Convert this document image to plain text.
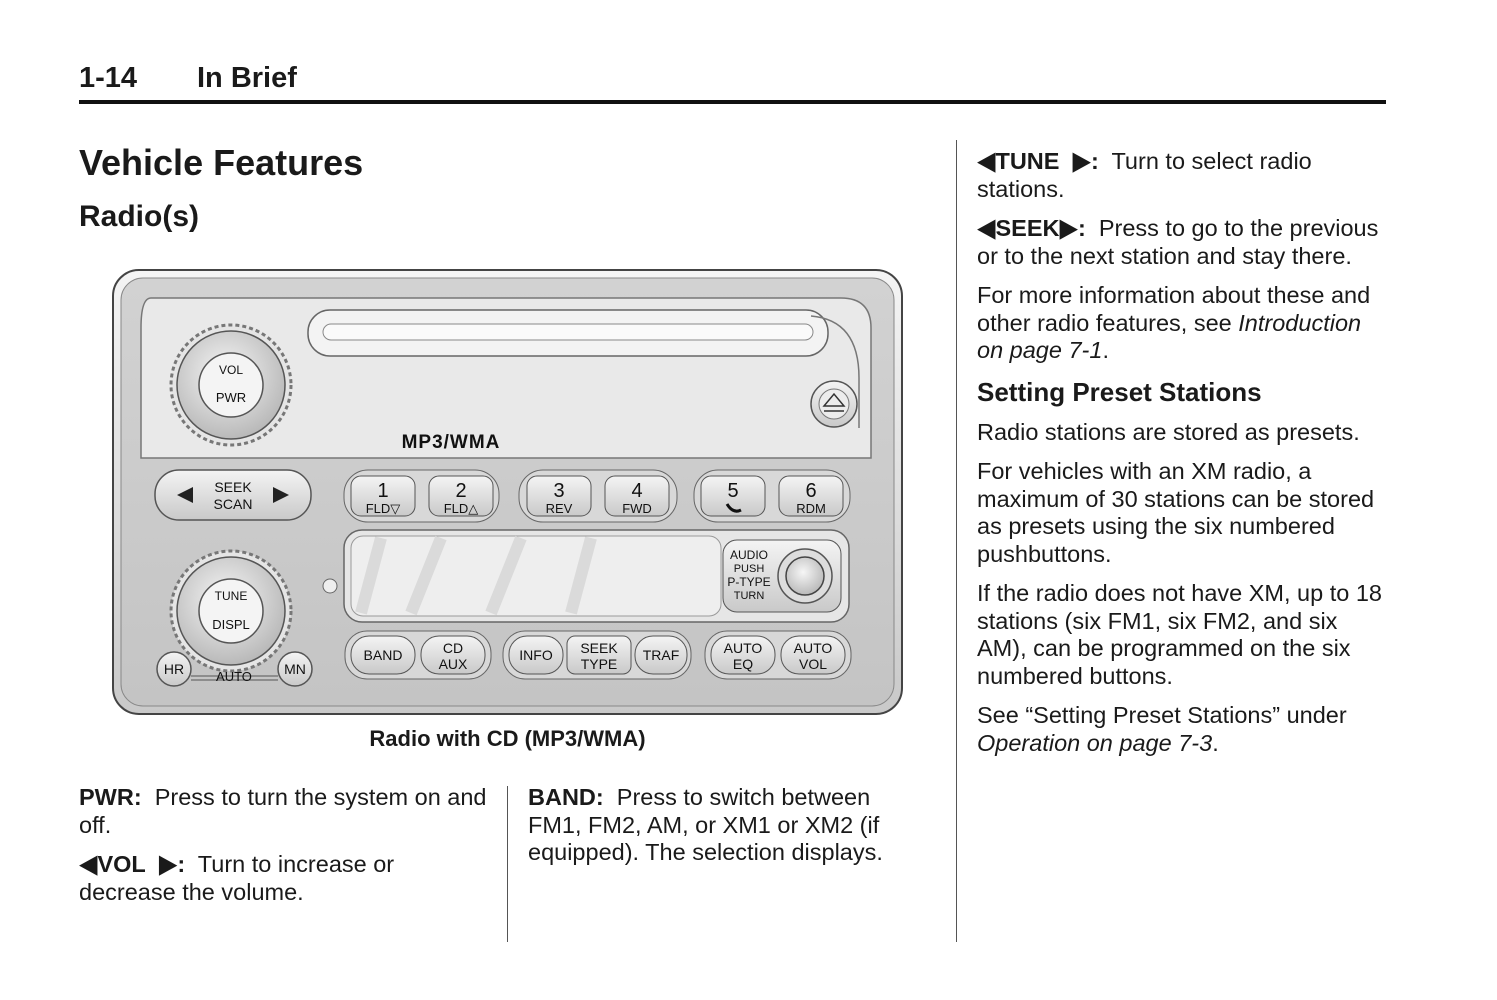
1-14 In Brief
Vehicle Features
Radio(s)
MP3/WMA
VOL
PWR
SEEK
SCAN
1
FLD▽
2
FLD△
3
REV
4
FWD
5	6
RDM
AUDIO
PUSH
P-TYPE
TURN
TUNE
DISPL
HR	MN
AUTO
BAND	CD
AUX
INFO SEEK
TYPE
TRAF	AUTO
EQ
AUTO
VOL
Radio with CD (MP3/WMA)

PWR: Press to turn the system on and off.

◀VOL ▶: Turn to increase or decrease the volume.

BAND: Press to switch between FM1, FM2, AM, or XM1 or XM2 (if equipped). The selection displays.

◀TUNE ▶: Turn to select radio stations.

◀SEEK▶: Press to go to the previous or to the next station and stay there.

For more information about these and other radio features, see Introduction on page 7-1.

Setting Preset Stations

Radio stations are stored as presets.

For vehicles with an XM radio, a maximum of 30 stations can be stored as presets using the six numbered pushbuttons.

If the radio does not have XM, up to 18 stations (six FM1, six FM2, and six AM), can be programmed on the six numbered buttons.

See “Setting Preset Stations” under Operation on page 7-3.
